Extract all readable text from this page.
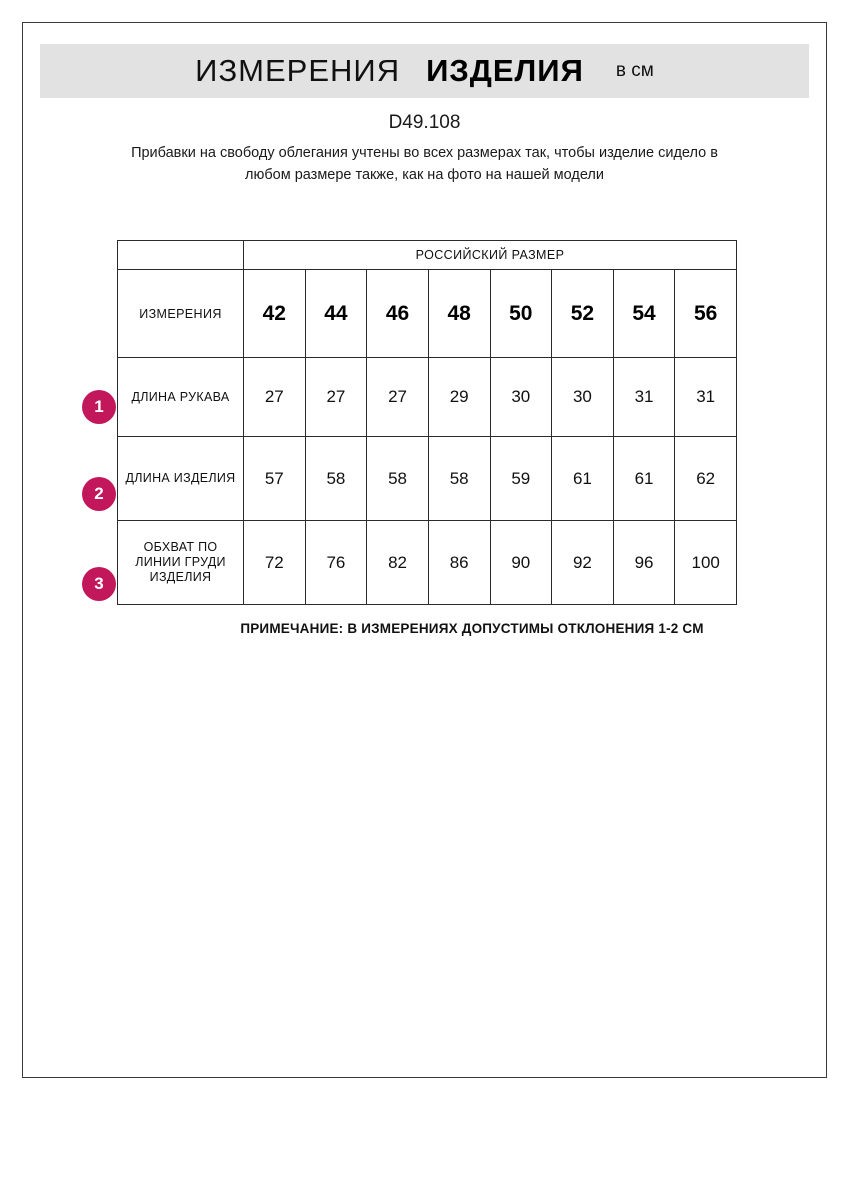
ИЗМЕРЕНИЯ ИЗДЕЛИЯ в см
D49.108
Прибавки на свободу облегания учтены во всех размерах так, чтобы изделие сидело в любом размере также, как на фото на нашей модели
1
2
3
	РОССИЙСКИЙ РАЗМЕР							
ИЗМЕРЕНИЯ	42	44	46	48	50	52	54	56
ДЛИНА РУКАВА	27	27	27	29	30	30	31	31
ДЛИНА ИЗДЕЛИЯ	57	58	58	58	59	61	61	62
ОБХВАТ ПО ЛИНИИ ГРУДИ ИЗДЕЛИЯ	72	76	82	86	90	92	96	100
ПРИМЕЧАНИЕ: В ИЗМЕРЕНИЯХ ДОПУСТИМЫ ОТКЛОНЕНИЯ 1-2 СМ
